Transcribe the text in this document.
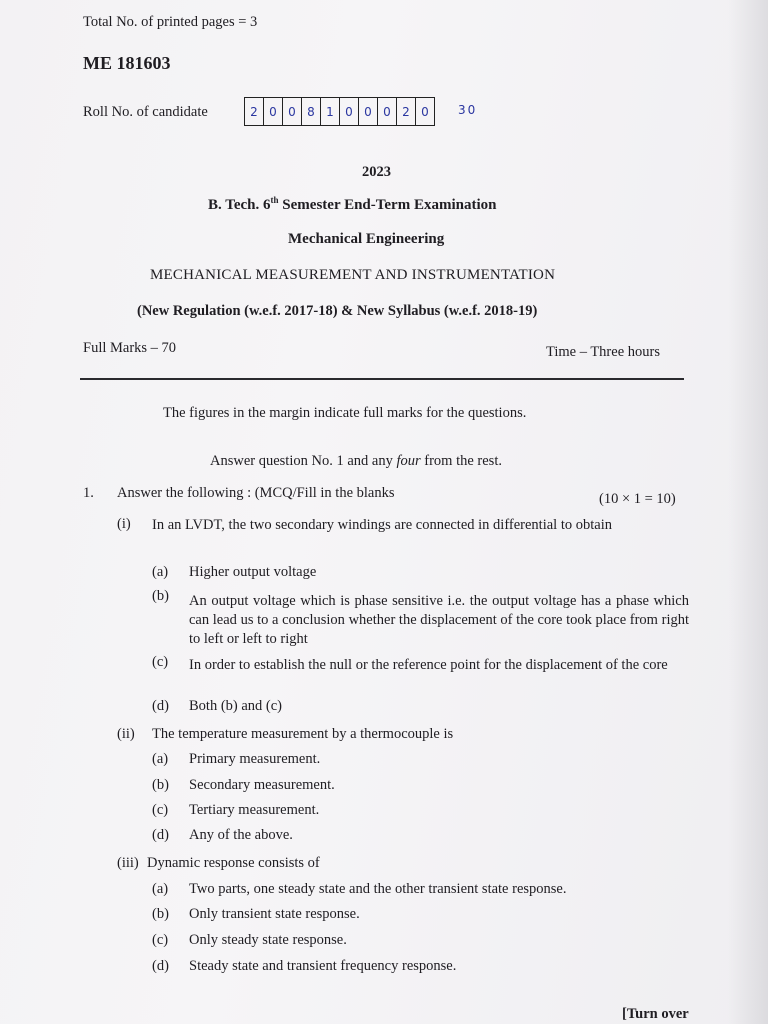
Total No. of printed pages = 3
ME 181603
Roll No. of candidate	2 0 0 8 1 0 0 0 2 0	30
2023
B. Tech. 6th Semester End-Term Examination
Mechanical Engineering
MECHANICAL MEASUREMENT AND INSTRUMENTATION
(New Regulation (w.e.f. 2017-18) & New Syllabus (w.e.f. 2018-19)
Full Marks – 70	Time – Three hours
The figures in the margin indicate full marks for the questions.
Answer question No. 1 and any four from the rest.
1. Answer the following : (MCQ/Fill in the blanks	(10 × 1 = 10)
(i) In an LVDT, the two secondary windings are connected in differential to obtain
(a) Higher output voltage
(b) An output voltage which is phase sensitive i.e. the output voltage has a phase which can lead us to a conclusion whether the displacement of the core took place from right to left or left to right
(c) In order to establish the null or the reference point for the displacement of the core
(d) Both (b) and (c)
(ii) The temperature measurement by a thermocouple is
(a) Primary measurement.
(b) Secondary measurement.
(c) Tertiary measurement.
(d) Any of the above.
(iii) Dynamic response consists of
(a) Two parts, one steady state and the other transient state response.
(b) Only transient state response.
(c) Only steady state response.
(d) Steady state and transient frequency response.
[Turn over
